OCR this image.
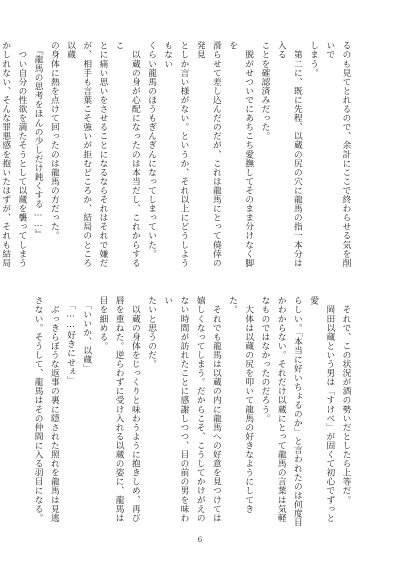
るのも見てとれるので、余計にここで終わらせる気を削いで
しまう。
　第二に、既に先程、以蔵の尻の穴に龍馬の指一本分は入る
ことを確認済みだった。
　脱がせついでにあちこち愛撫してそのまま分けなく脚を
滑らせて差し込んだのだが、これは龍馬にとって僥倖の発見
としか言い様がない。というか、それ以上にどうしようもない
くらい龍馬のほうもぎんぎんになってしまっていた。
　以蔵の身が心配になったのは本当だし、これからするこ
とに痛い思いをさせることになるならそれはそれで嫌だ
が、相手も言葉こそ強いが拒むどころか、結局のところ以蔵
の身体に熱を点けて回ったのは龍馬の方だった。
　『龍馬の思考をほんの少しだけ鈍くする……』
　つい自分の性欲を満たそうとして以蔵を襲ってしまう
かしれない、そんな罪悪感を抱いたはずが、それも結局

　それで、この状況が酒の勢いだとしたら上等だ。
　岡田以蔵という男は「すけべ」が固くて初心でずっと愛
らしい。「本当に好いちょるのか」と言われたのは何度目
かわからない。それだけ以蔵にとって龍馬の言葉は気軽
なものではなかったのだろう。
　大体は以蔵の尻を叩いて龍馬の好きなようにしてきた。
　それでも龍馬は以蔵の内に龍馬への好意を見つけては
嬉しくなってしまう。だからこそ、こうしてかけがえの
ない時間が訪れたことに感謝しつつ、目の前の男を味わい
たいと思うのだ。
　以蔵の身体をじっくりと味わうように抱きしめ、再び
唇を重ねた。逆らわずに受け入れる以蔵の姿に、龍馬は
目を細める。
　「いいか、以蔵」
　「……好きにせぇ」
　ぶっきらぼうな返事の裏に隠された照れを龍馬は見逃
さない。そうして、龍馬はその仲間に入る羽目になる。
6
